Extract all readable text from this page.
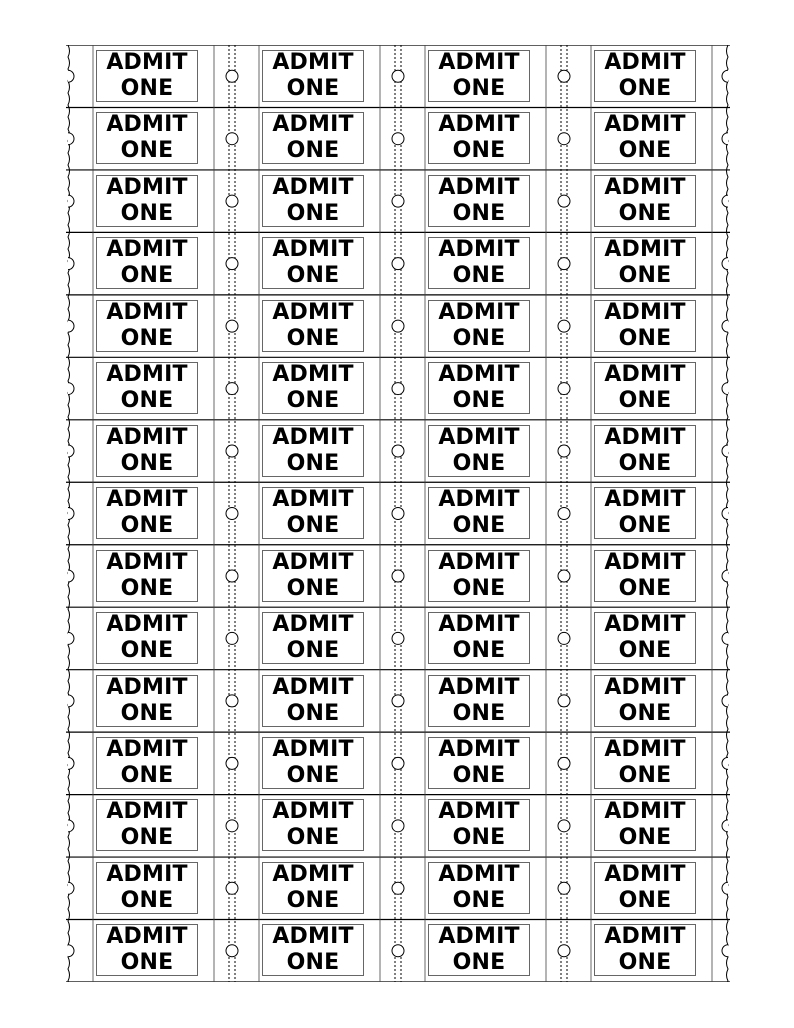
ADMIT
ONE
ADMIT
ONE
ADMIT
ONE
ADMIT
ONE
ADMIT
ONE
ADMIT
ONE
ADMIT
ONE
ADMIT
ONE
ADMIT
ONE
ADMIT
ONE
ADMIT
ONE
ADMIT
ONE
ADMIT
ONE
ADMIT
ONE
ADMIT
ONE
ADMIT
ONE
ADMIT
ONE
ADMIT
ONE
ADMIT
ONE
ADMIT
ONE
ADMIT
ONE
ADMIT
ONE
ADMIT
ONE
ADMIT
ONE
ADMIT
ONE
ADMIT
ONE
ADMIT
ONE
ADMIT
ONE
ADMIT
ONE
ADMIT
ONE
ADMIT
ONE
ADMIT
ONE
ADMIT
ONE
ADMIT
ONE
ADMIT
ONE
ADMIT
ONE
ADMIT
ONE
ADMIT
ONE
ADMIT
ONE
ADMIT
ONE
ADMIT
ONE
ADMIT
ONE
ADMIT
ONE
ADMIT
ONE
ADMIT
ONE
ADMIT
ONE
ADMIT
ONE
ADMIT
ONE
ADMIT
ONE
ADMIT
ONE
ADMIT
ONE
ADMIT
ONE
ADMIT
ONE
ADMIT
ONE
ADMIT
ONE
ADMIT
ONE
ADMIT
ONE
ADMIT
ONE
ADMIT
ONE
ADMIT
ONE
